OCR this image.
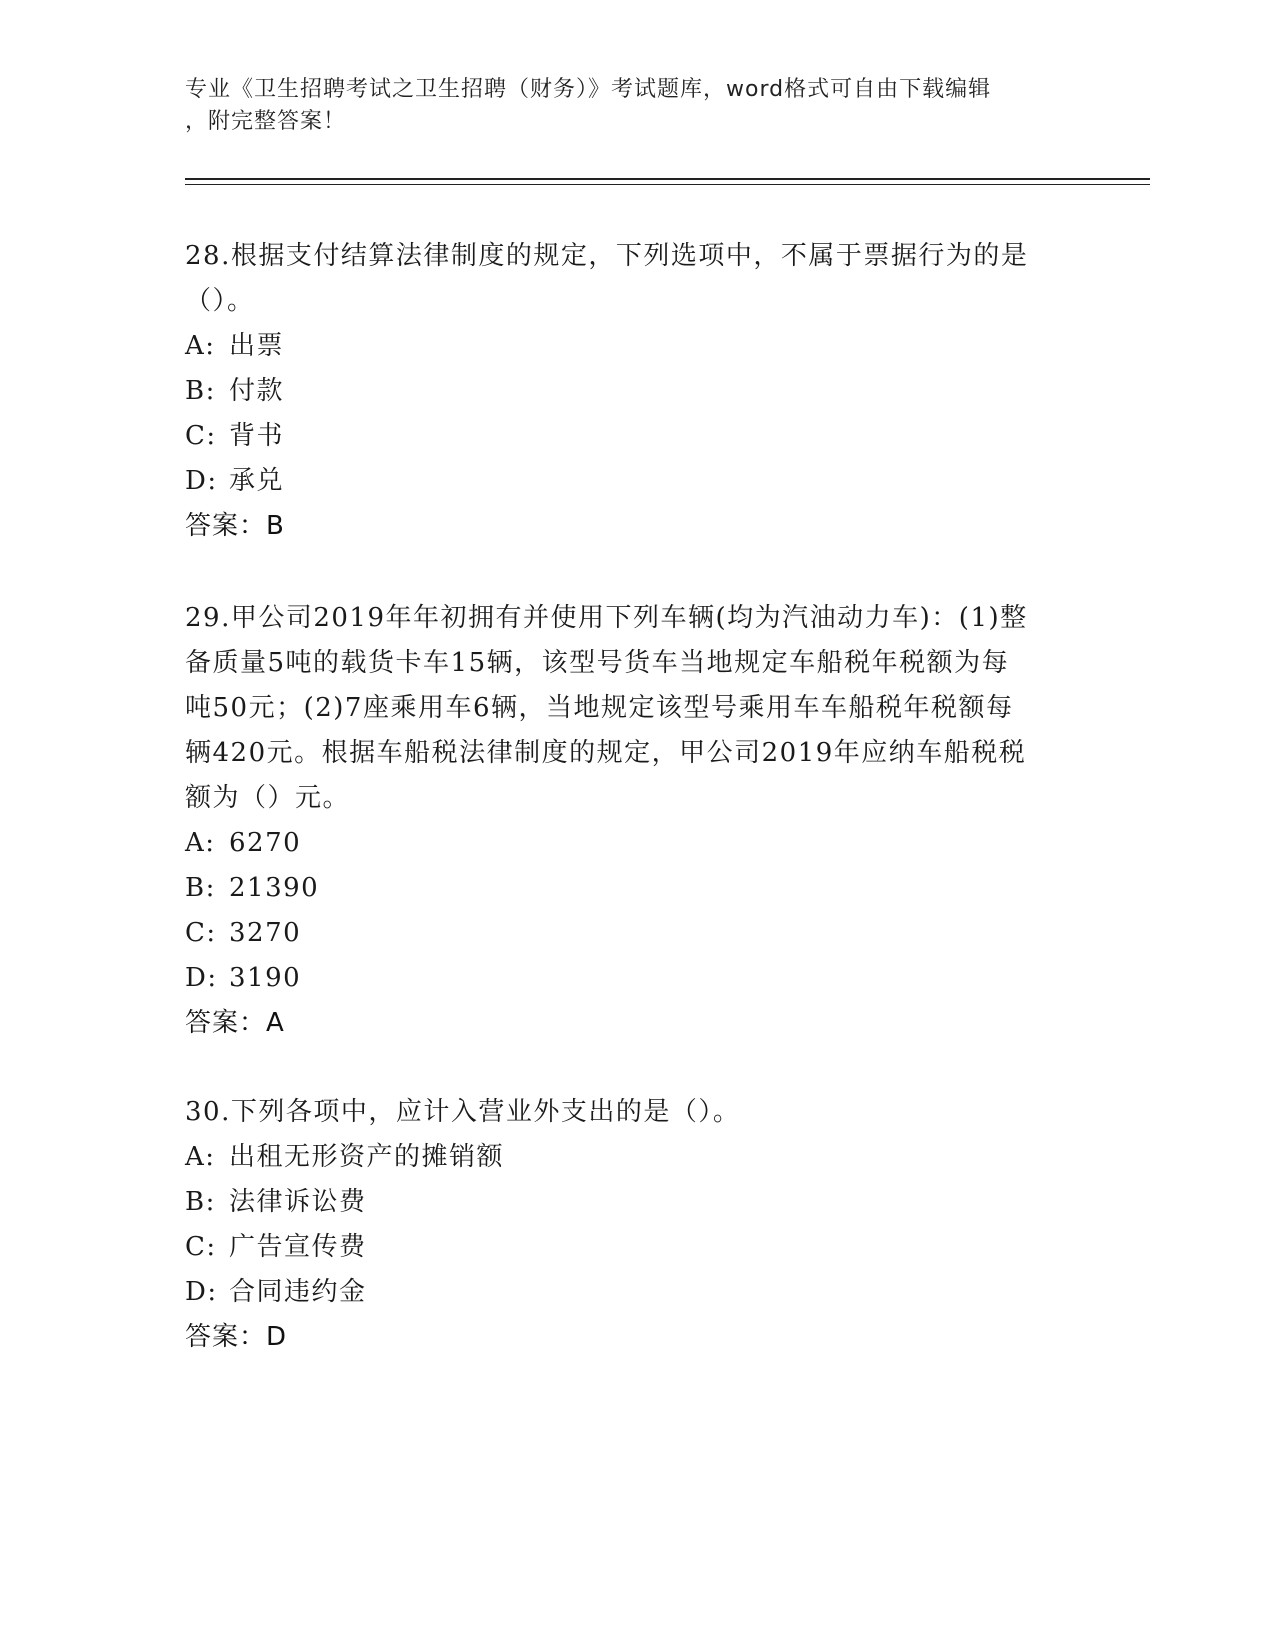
专业《卫生招聘考试之卫生招聘（财务）》考试题库，word格式可自由下载编辑
，附完整答案！

28.根据支付结算法律制度的规定，下列选项中，不属于票据行为的是
（）。

A: 出票

B: 付款

C: 背书

D: 承兑

答案：B

29.甲公司2019年年初拥有并使用下列车辆(均为汽油动力车)：(1)整
备质量5吨的载货卡车15辆，该型号货车当地规定车船税年税额为每
吨50元；(2)7座乘用车6辆，当地规定该型号乘用车车船税年税额每
辆420元。根据车船税法律制度的规定，甲公司2019年应纳车船税税
额为（）元。

A: 6270

B: 21390

C: 3270

D: 3190

答案：A

30.下列各项中，应计入营业外支出的是（）。

A: 出租无形资产的摊销额

B: 法律诉讼费

C: 广告宣传费

D: 合同违约金

答案：D
